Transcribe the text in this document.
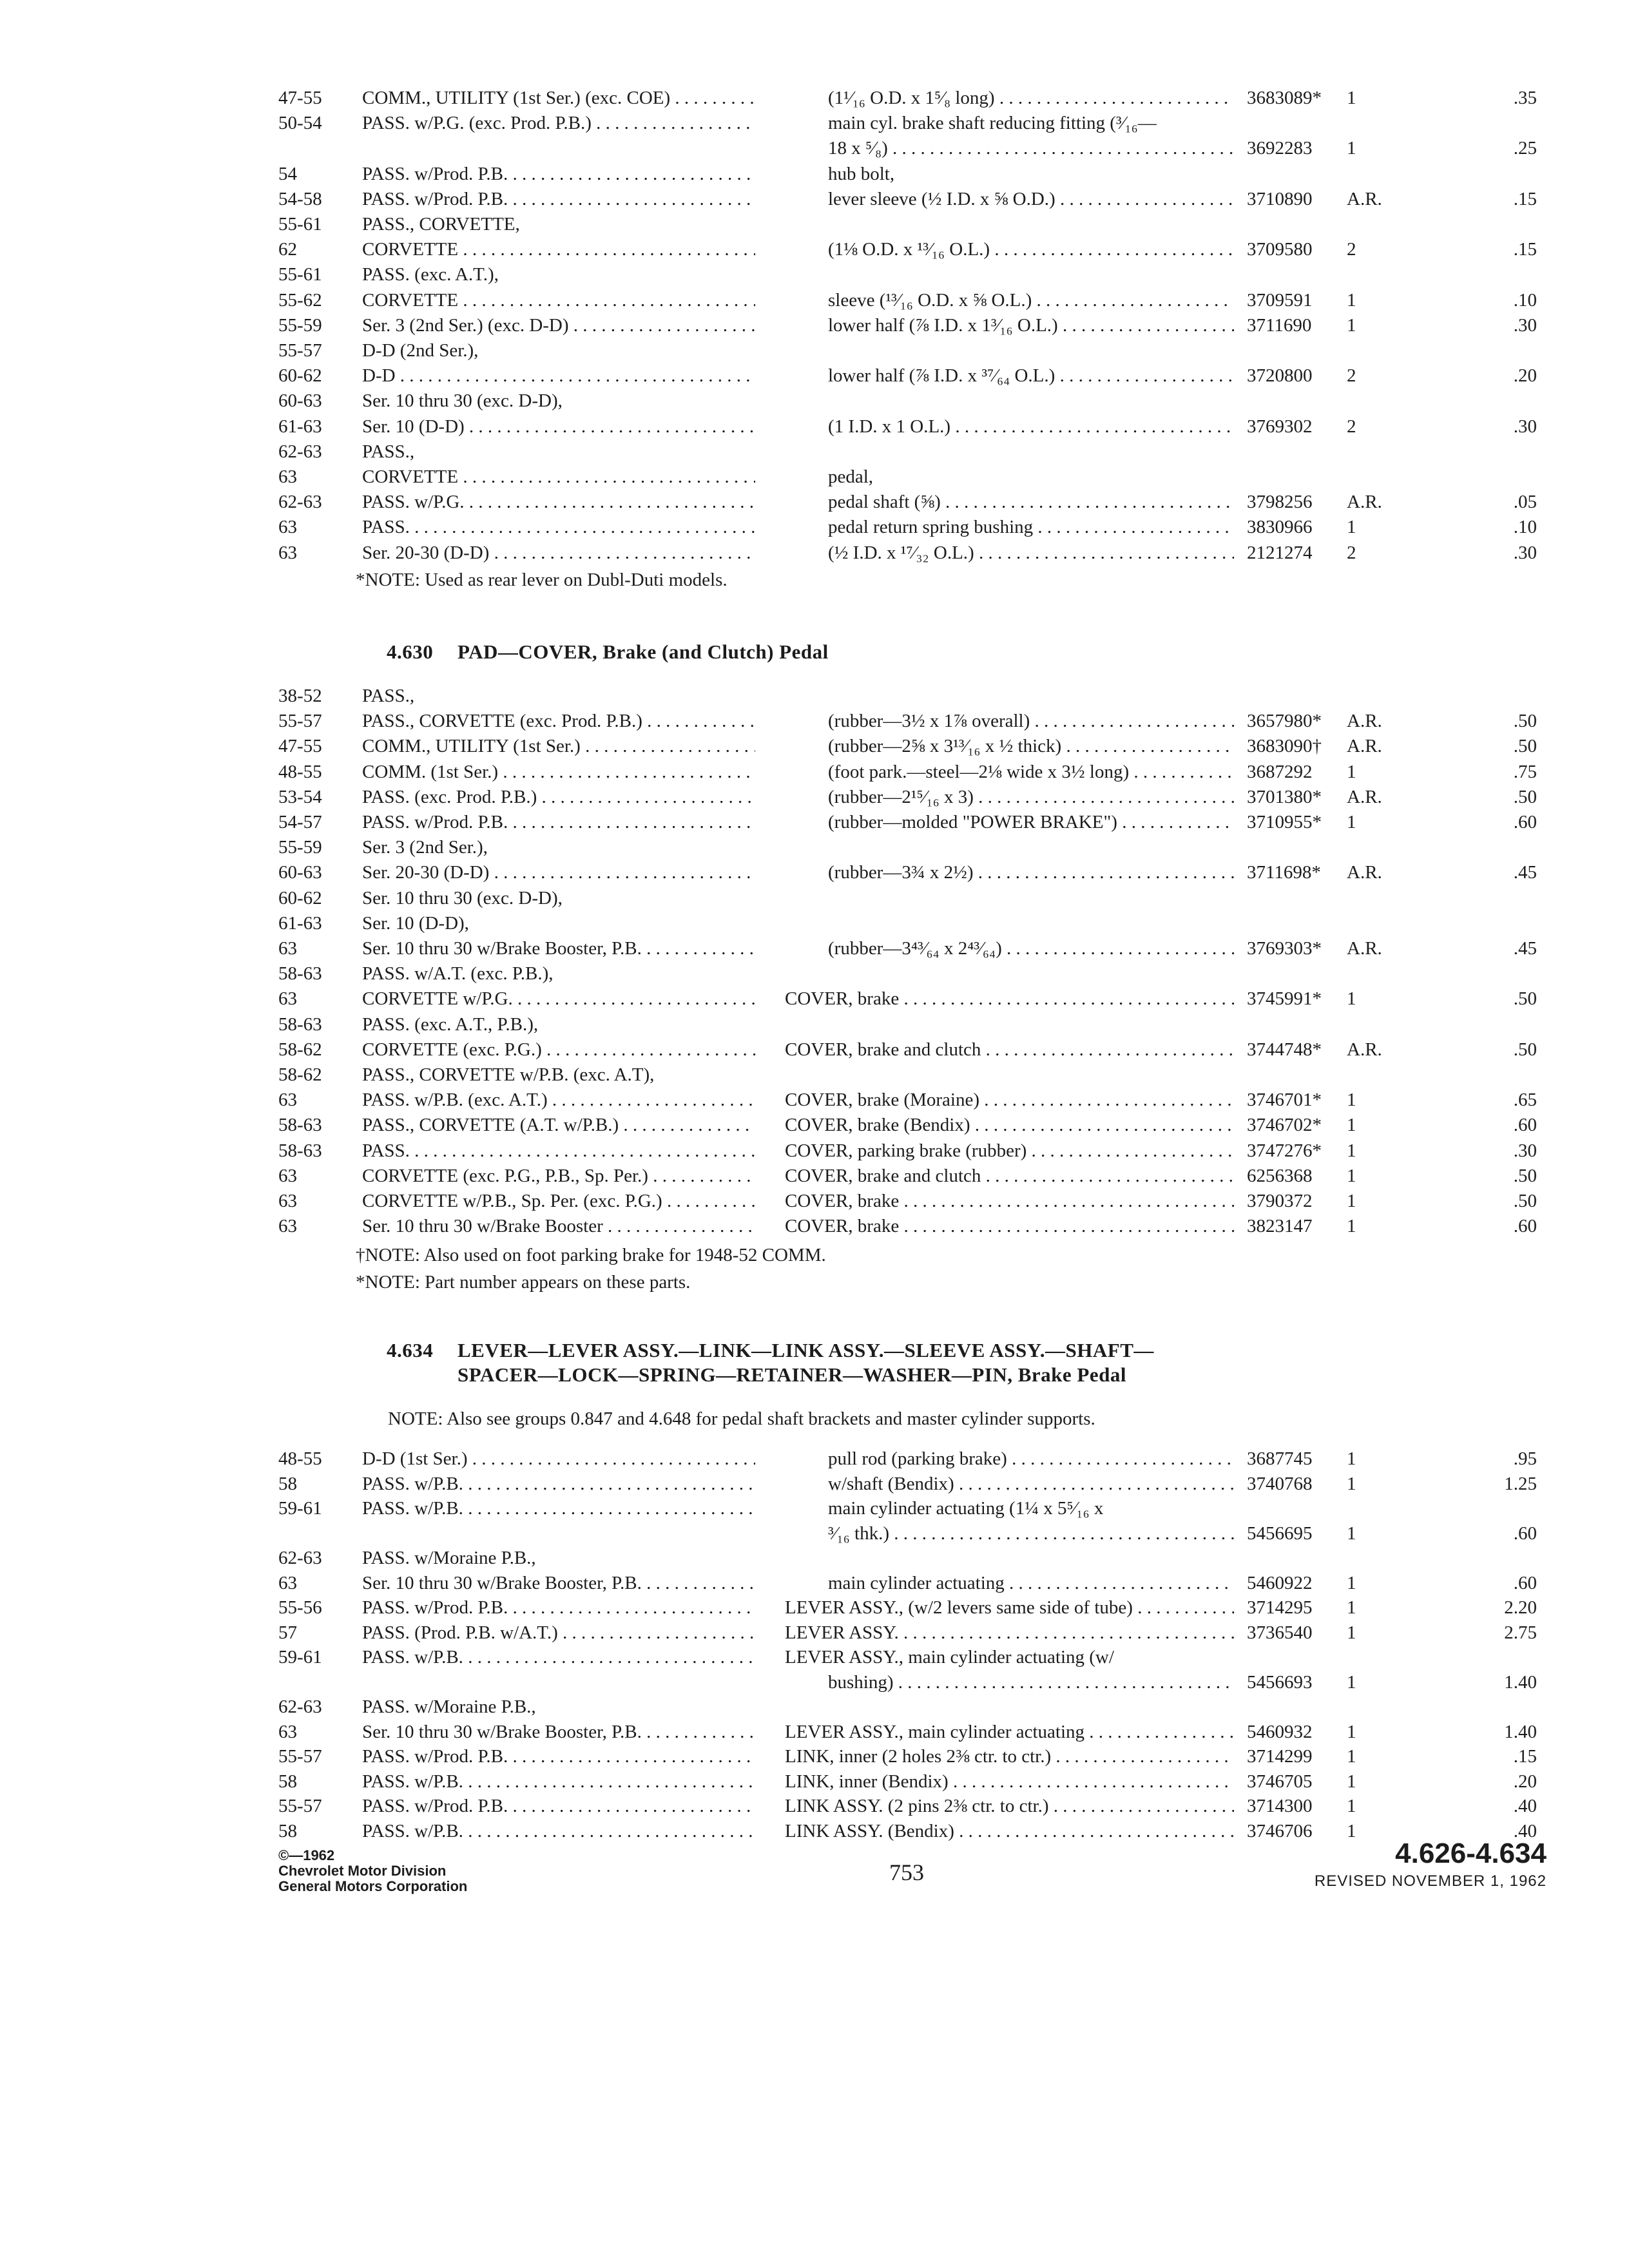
47-55	COMM., UTILITY (1st Ser.) (exc. COE) . . .	(1¹⁄₁₆ O.D. x 1⁵⁄₈ long) . . .	3683089*	1	.35
50-54	PASS. w/P.G. (exc. Prod. P.B.) . . .	main cyl. brake shaft reducing fitting (³⁄₁₆—
18 x ⁵⁄₈) . . .	3692283	1	.25
54	PASS. w/Prod. P.B. . . .	hub bolt,
54-58	PASS. w/Prod. P.B. . . .	lever sleeve (½ I.D. x ⅝ O.D.) . . .	3710890	A.R.	.15
55-61	PASS., CORVETTE,
62	CORVETTE . . .	(1⅛ O.D. x ¹³⁄₁₆ O.L.) . . .	3709580	2	.15
55-61	PASS. (exc. A.T.),
55-62	CORVETTE . . .	sleeve (¹³⁄₁₆ O.D. x ⅝ O.L.) . . .	3709591	1	.10
55-59	Ser. 3 (2nd Ser.) (exc. D-D) . . .	lower half (⅞ I.D. x 1³⁄₁₆ O.L.) . . .	3711690	1	.30
55-57	D-D (2nd Ser.),
60-62	D-D . . .	lower half (⅞ I.D. x ³⁷⁄₆₄ O.L.) . . .	3720800	2	.20
60-63	Ser. 10 thru 30 (exc. D-D),
61-63	Ser. 10 (D-D) . . .	(1 I.D. x 1 O.L.) . . .	3769302	2	.30
62-63	PASS.,
63	CORVETTE . . .	pedal,
62-63	PASS. w/P.G. . . .	pedal shaft (⅝) . . .	3798256	A.R.	.05
63	PASS. . . .	pedal return spring bushing . . .	3830966	1	.10
63	Ser. 20-30 (D-D) . . .	(½ I.D. x ¹⁷⁄₃₂ O.L.) . . .	2121274	2	.30
*NOTE: Used as rear lever on Dubl-Duti models.
4.630 PAD—COVER, Brake (and Clutch) Pedal
38-52	PASS.,
55-57	PASS., CORVETTE (exc. Prod. P.B.) . . .	(rubber—3½ x 1⅞ overall) . . .	3657980*	A.R.	.50
47-55	COMM., UTILITY (1st Ser.) . . .	(rubber—2⅝ x 3¹³⁄₁₆ x ½ thick) . . .	3683090†	A.R.	.50
48-55	COMM. (1st Ser.) . . .	(foot park.—steel—2⅛ wide x 3½ long) . . .	3687292	1	.75
53-54	PASS. (exc. Prod. P.B.) . . .	(rubber—2¹⁵⁄₁₆ x 3) . . .	3701380*	A.R.	.50
54-57	PASS. w/Prod. P.B. . . .	(rubber—molded "POWER BRAKE") . . .	3710955*	1	.60
55-59	Ser. 3 (2nd Ser.),
60-63	Ser. 20-30 (D-D) . . .	(rubber—3¾ x 2½) . . .	3711698*	A.R.	.45
60-62	Ser. 10 thru 30 (exc. D-D),
61-63	Ser. 10 (D-D),
63	Ser. 10 thru 30 w/Brake Booster, P.B. . . .	(rubber—3⁴³⁄₆₄ x 2⁴³⁄₆₄) . . .	3769303*	A.R.	.45
58-63	PASS. w/A.T. (exc. P.B.),
63	CORVETTE w/P.G. . . .	COVER, brake . . .	3745991*	1	.50
58-63	PASS. (exc. A.T., P.B.),
58-62	CORVETTE (exc. P.G.) . . .	COVER, brake and clutch . . .	3744748*	A.R.	.50
58-62	PASS., CORVETTE w/P.B. (exc. A.T),
63	PASS. w/P.B. (exc. A.T.) . . .	COVER, brake (Moraine) . . .	3746701*	1	.65
58-63	PASS., CORVETTE (A.T. w/P.B.) . . .	COVER, brake (Bendix) . . .	3746702*	1	.60
58-63	PASS. . . .	COVER, parking brake (rubber) . . .	3747276*	1	.30
63	CORVETTE (exc. P.G., P.B., Sp. Per.) . . .	COVER, brake and clutch . . .	6256368	1	.50
63	CORVETTE w/P.B., Sp. Per. (exc. P.G.) . . .	COVER, brake . . .	3790372	1	.50
63	Ser. 10 thru 30 w/Brake Booster . . .	COVER, brake . . .	3823147	1	.60
†NOTE: Also used on foot parking brake for 1948-52 COMM.
*NOTE: Part number appears on these parts.
4.634 LEVER—LEVER ASSY.—LINK—LINK ASSY.—SLEEVE ASSY.—SHAFT—
SPACER—LOCK—SPRING—RETAINER—WASHER—PIN, Brake Pedal
NOTE: Also see groups 0.847 and 4.648 for pedal shaft brackets and master cylinder supports.
48-55	D-D (1st Ser.) . . .	pull rod (parking brake) . . .	3687745	1	.95
58	PASS. w/P.B. . . .	w/shaft (Bendix) . . .	3740768	1	1.25
59-61	PASS. w/P.B. . . .	main cylinder actuating (1¼ x 5⁵⁄₁₆ x
³⁄₁₆ thk.) . . .	5456695	1	.60
62-63	PASS. w/Moraine P.B.,
63	Ser. 10 thru 30 w/Brake Booster, P.B. . . .	main cylinder actuating . . .	5460922	1	.60
55-56	PASS. w/Prod. P.B. . . .	LEVER ASSY., (w/2 levers same side of tube) . . .	3714295	1	2.20
57	PASS. (Prod. P.B. w/A.T.) . . .	LEVER ASSY. . . .	3736540	1	2.75
59-61	PASS. w/P.B. . . .	LEVER ASSY., main cylinder actuating (w/
bushing) . . .	5456693	1	1.40
62-63	PASS. w/Moraine P.B.,
63	Ser. 10 thru 30 w/Brake Booster, P.B. . . .	LEVER ASSY., main cylinder actuating . . .	5460932	1	1.40
55-57	PASS. w/Prod. P.B. . . .	LINK, inner (2 holes 2⅜ ctr. to ctr.) . . .	3714299	1	.15
58	PASS. w/P.B. . . .	LINK, inner (Bendix) . . .	3746705	1	.20
55-57	PASS. w/Prod. P.B. . . .	LINK ASSY. (2 pins 2⅜ ctr. to ctr.) . . .	3714300	1	.40
58	PASS. w/P.B. . . .	LINK ASSY. (Bendix) . . .	3746706	1	.40
©—1962
Chevrolet Motor Division
General Motors Corporation
753
4.626-4.634
REVISED NOVEMBER 1, 1962
